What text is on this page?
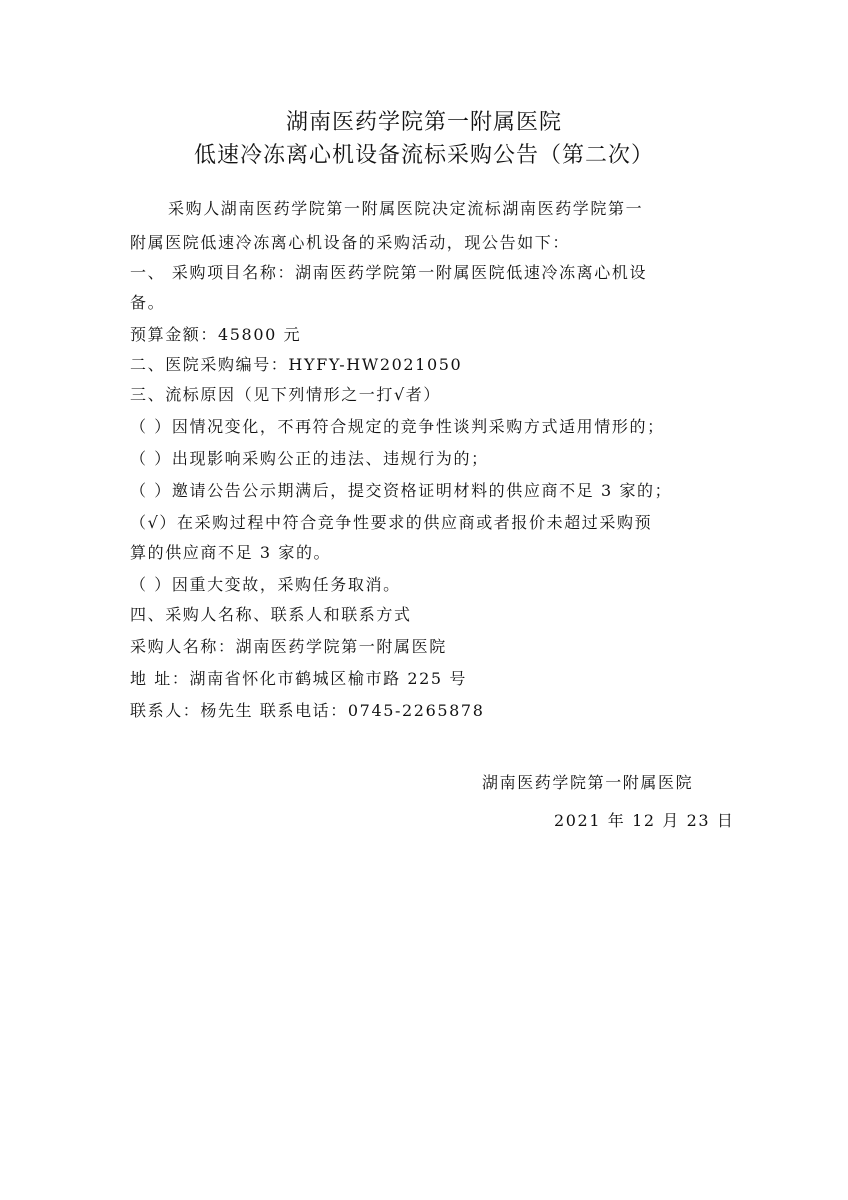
湖南医药学院第一附属医院
低速冷冻离心机设备流标采购公告（第二次）
采购人湖南医药学院第一附属医院决定流标湖南医药学院第一
附属医院低速冷冻离心机设备的采购活动，现公告如下：
一、 采购项目名称：湖南医药学院第一附属医院低速冷冻离心机设
备。
预算金额：45800 元
二、医院采购编号：HYFY-HW2021050
三、流标原因（见下列情形之一打√者）
（ ）因情况变化，不再符合规定的竞争性谈判采购方式适用情形的；
（ ）出现影响采购公正的违法、违规行为的；
（ ）邀请公告公示期满后，提交资格证明材料的供应商不足 3 家的；
（√）在采购过程中符合竞争性要求的供应商或者报价未超过采购预
算的供应商不足 3 家的。
（ ）因重大变故，采购任务取消。
四、采购人名称、联系人和联系方式
采购人名称：湖南医药学院第一附属医院
地 址：湖南省怀化市鹤城区榆市路 225 号
联系人：杨先生 联系电话：0745-2265878
湖南医药学院第一附属医院
2021 年 12 月 23 日
